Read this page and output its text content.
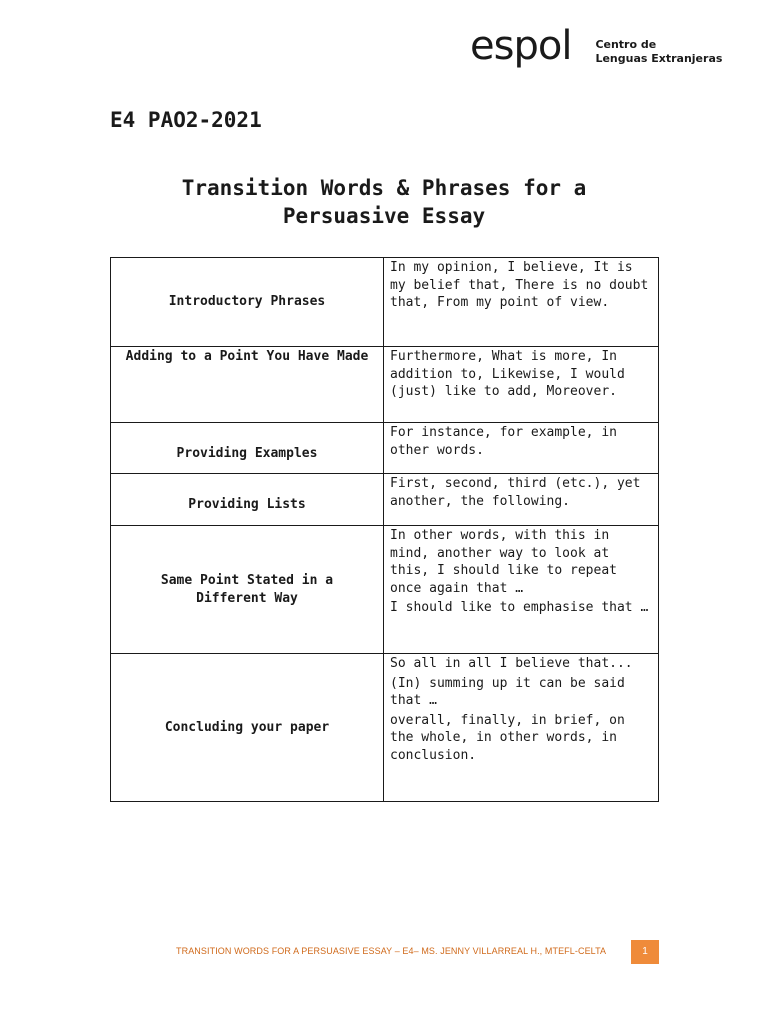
espol Centro de
Lenguas Extranjeras
E4 PAO2-2021
Transition Words & Phrases for a
Persuasive Essay
Introductory Phrases	In my opinion, I believe, It is my belief that, There is no doubt that, From my point of view.

Adding to a Point You Have Made	Furthermore, What is more, In addition to, Likewise, I would (just) like to add, Moreover.

Providing Examples	For instance, for example, in other words.

Providing Lists	First, second, third (etc.), yet another, the following.

Same Point Stated in a Different Way	In other words, with this in mind, another way to look at this, I should like to repeat once again that …

I should like to emphasise that …

Concluding your paper	So all in all I believe that...

(In) summing up it can be said that …

overall, finally, in brief, on the whole, in other words, in conclusion.

TRANSITION WORDS FOR A PERSUASIVE ESSAY – E4– MS. JENNY VILLARREAL H., MTEFL-CELTA	1
